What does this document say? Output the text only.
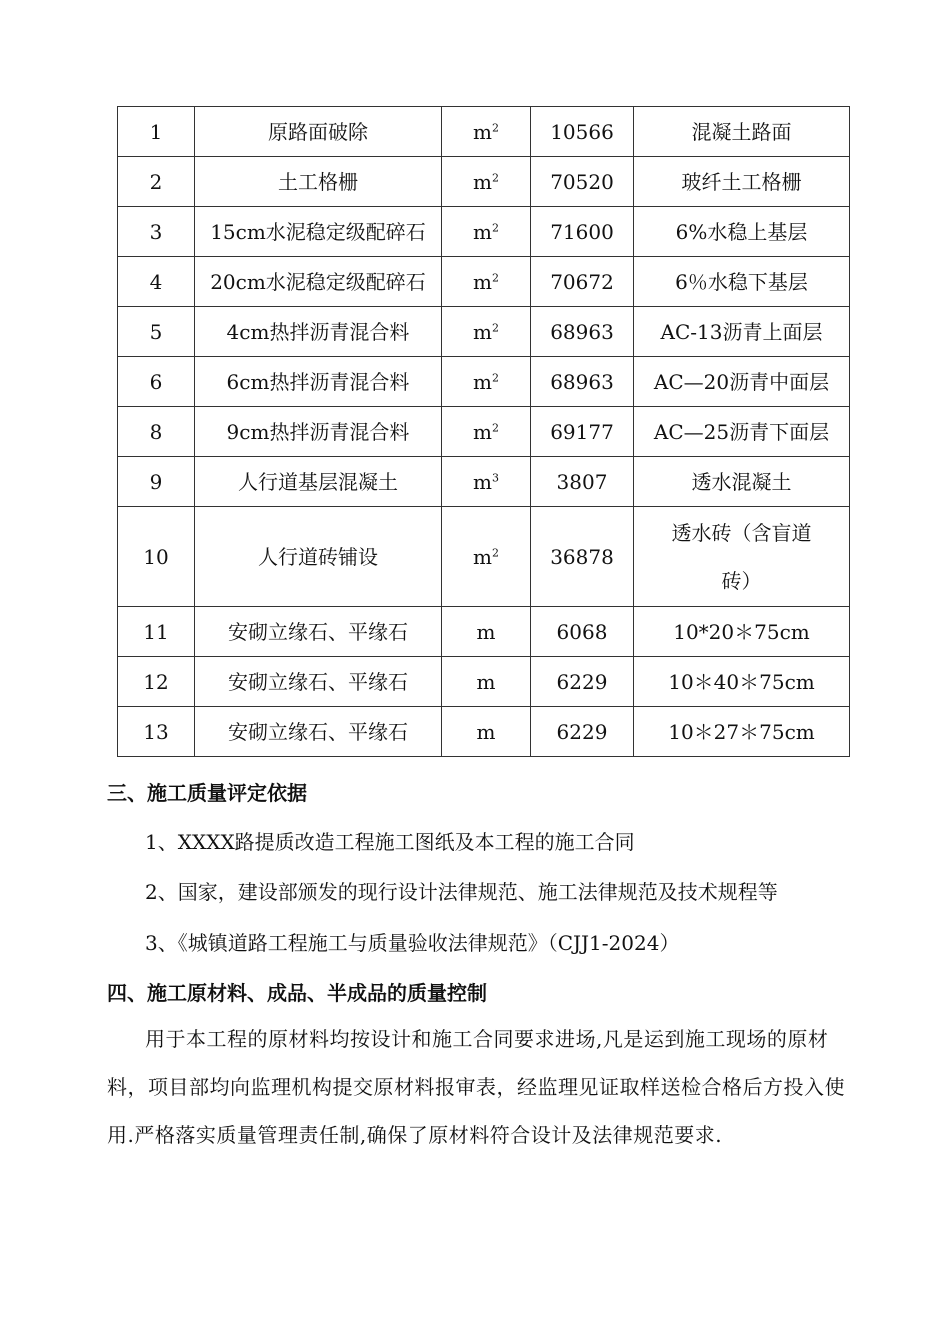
1	原路面破除	$m^2$	10566	混凝土路面
2	土工格栅	$m^2$	70520	玻纤土工格栅
3	15cm水泥稳定级配碎石	$m^2$	71600	6%水稳上基层
4	20cm水泥稳定级配碎石	$m^2$	70672	6％水稳下基层
5	4cm热拌沥青混合料	$m^2$	68963	AC-13沥青上面层
6	6cm热拌沥青混合料	$m^2$	68963	AC—20沥青中面层
8	9cm热拌沥青混合料	$m^2$	69177	AC—25沥青下面层
9	人行道基层混凝土	$m^3$	3807	透水混凝土
10	人行道砖铺设	$m^2$	36878	透水砖（含盲道
砖）

11	安砌立缘石、平缘石	m	6068	10*20＊75cm
12	安砌立缘石、平缘石	m	6229	10＊40＊75cm
13	安砌立缘石、平缘石	m	6229	10＊27＊75cm
三、施工质量评定依据
1、XXXX路提质改造工程施工图纸及本工程的施工合同
2、国家，建设部颁发的现行设计法律规范、施工法律规范及技术规程等
3、《城镇道路工程施工与质量验收法律规范》（CJJ1-2024）
四、施工原材料、成品、半成品的质量控制
用于本工程的原材料均按设计和施工合同要求进场,凡是运到施工现场的原材料，项目部均向监理机构提交原材料报审表，经监理见证取样送检合格后方投入使用.严格落实质量管理责任制,确保了原材料符合设计及法律规范要求.
